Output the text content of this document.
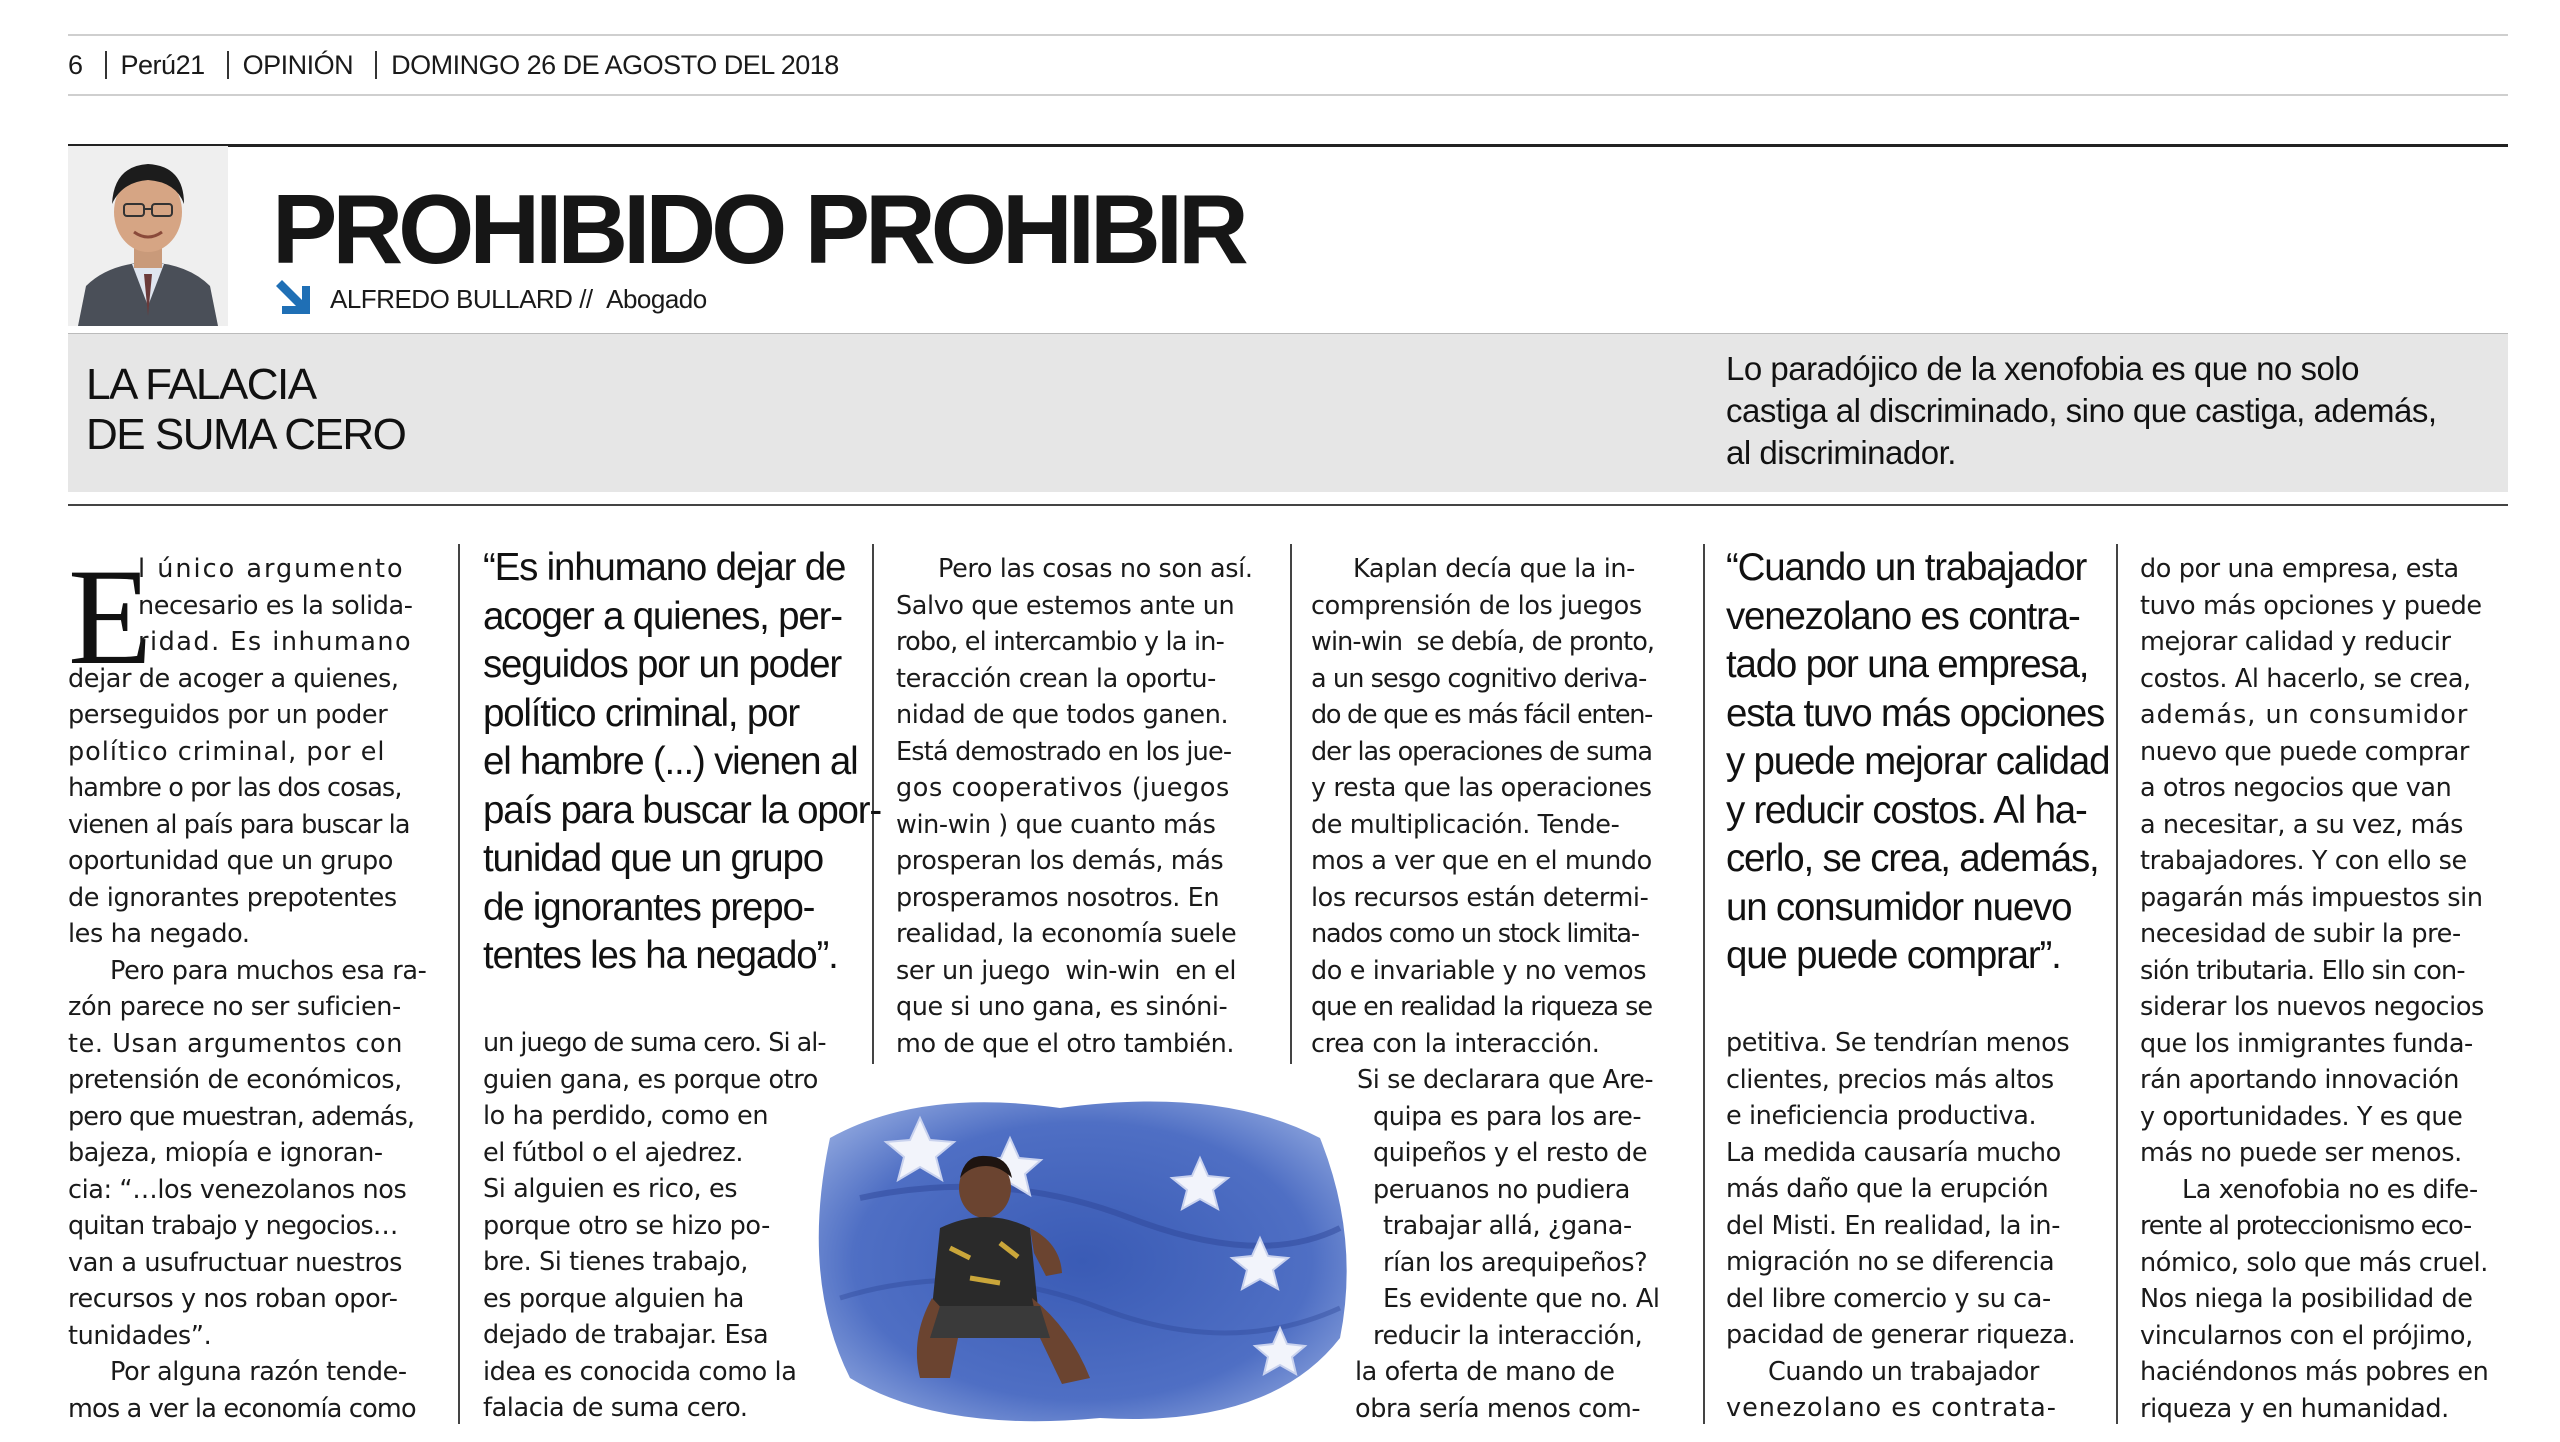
6 Perú21 OPINIÓN DOMINGO 26 DE AGOSTO DEL 2018
PROHIBIDO PROHIBIR
ALFREDO BULLARD // Abogado
LA FALACIA
DE SUMA CERO
Lo paradójico de la xenofobia es que no solo
castiga al discriminado, sino que castiga, además,
al discriminador.
E
l único argumento
necesario es la solida-
ridad. Es inhumano
dejar de acoger a quienes,
perseguidos por un poder
político criminal, por el
hambre o por las dos cosas,
vienen al país para buscar la
oportunidad que un grupo
de ignorantes prepotentes
les ha negado.
Pero para muchos esa ra-
zón parece no ser suficien-
te. Usan argumentos con
pretensión de económicos,
pero que muestran, además,
bajeza, miopía e ignoran-
cia: “…los venezolanos nos
quitan trabajo y negocios…
van a usufructuar nuestros
recursos y nos roban opor-
tunidades”.
Por alguna razón tende-
mos a ver la economía como
“Es inhumano dejar de
acoger a quienes, per-
seguidos por un poder
político criminal, por
el hambre (...) vienen al
país para buscar la opor-
tunidad que un grupo
de ignorantes prepo-
tentes les ha negado”.
un juego de suma cero. Si al-
guien gana, es porque otro
lo ha perdido, como en
el fútbol o el ajedrez.
Si alguien es rico, es
porque otro se hizo po-
bre. Si tienes trabajo,
es porque alguien ha
dejado de trabajar. Esa
idea es conocida como la
falacia de suma cero.
Pero las cosas no son así.
Salvo que estemos ante un
robo, el intercambio y la in-
teracción crean la oportu-
nidad de que todos ganen.
Está demostrado en los jue-
gos cooperativos (juegos
win-win ) que cuanto más
prosperan los demás, más
prosperamos nosotros. En
realidad, la economía suele
ser un juego  win-win  en el
que si uno gana, es sinóni-
mo de que el otro también.
Kaplan decía que la in-
comprensión de los juegos
win-win  se debía, de pronto,
a un sesgo cognitivo deriva-
do de que es más fácil enten-
der las operaciones de suma
y resta que las operaciones
de multiplicación. Tende-
mos a ver que en el mundo
los recursos están determi-
nados como un stock limita-
do e invariable y no vemos
que en realidad la riqueza se
crea con la interacción.
Si se declarara que Are-
quipa es para los are-
quipeños y el resto de
peruanos no pudiera
trabajar allá, ¿gana-
rían los arequipeños?
Es evidente que no. Al
reducir la interacción,
la oferta de mano de
obra sería menos com-
“Cuando un trabajador
venezolano es contra-
tado por una empresa,
esta tuvo más opciones
y puede mejorar calidad
y reducir costos. Al ha-
cerlo, se crea, además,
un consumidor nuevo
que puede comprar”.
petitiva. Se tendrían menos
clientes, precios más altos
e ineficiencia productiva.
La medida causaría mucho
más daño que la erupción
del Misti. En realidad, la in-
migración no se diferencia
del libre comercio y su ca-
pacidad de generar riqueza.
Cuando un trabajador
venezolano es contrata-
do por una empresa, esta
tuvo más opciones y puede
mejorar calidad y reducir
costos. Al hacerlo, se crea,
además, un consumidor
nuevo que puede comprar
a otros negocios que van
a necesitar, a su vez, más
trabajadores. Y con ello se
pagarán más impuestos sin
necesidad de subir la pre-
sión tributaria. Ello sin con-
siderar los nuevos negocios
que los inmigrantes funda-
rán aportando innovación
y oportunidades. Y es que
más no puede ser menos.
La xenofobia no es dife-
rente al proteccionismo eco-
nómico, solo que más cruel.
Nos niega la posibilidad de
vincularnos con el prójimo,
haciéndonos más pobres en
riqueza y en humanidad.
